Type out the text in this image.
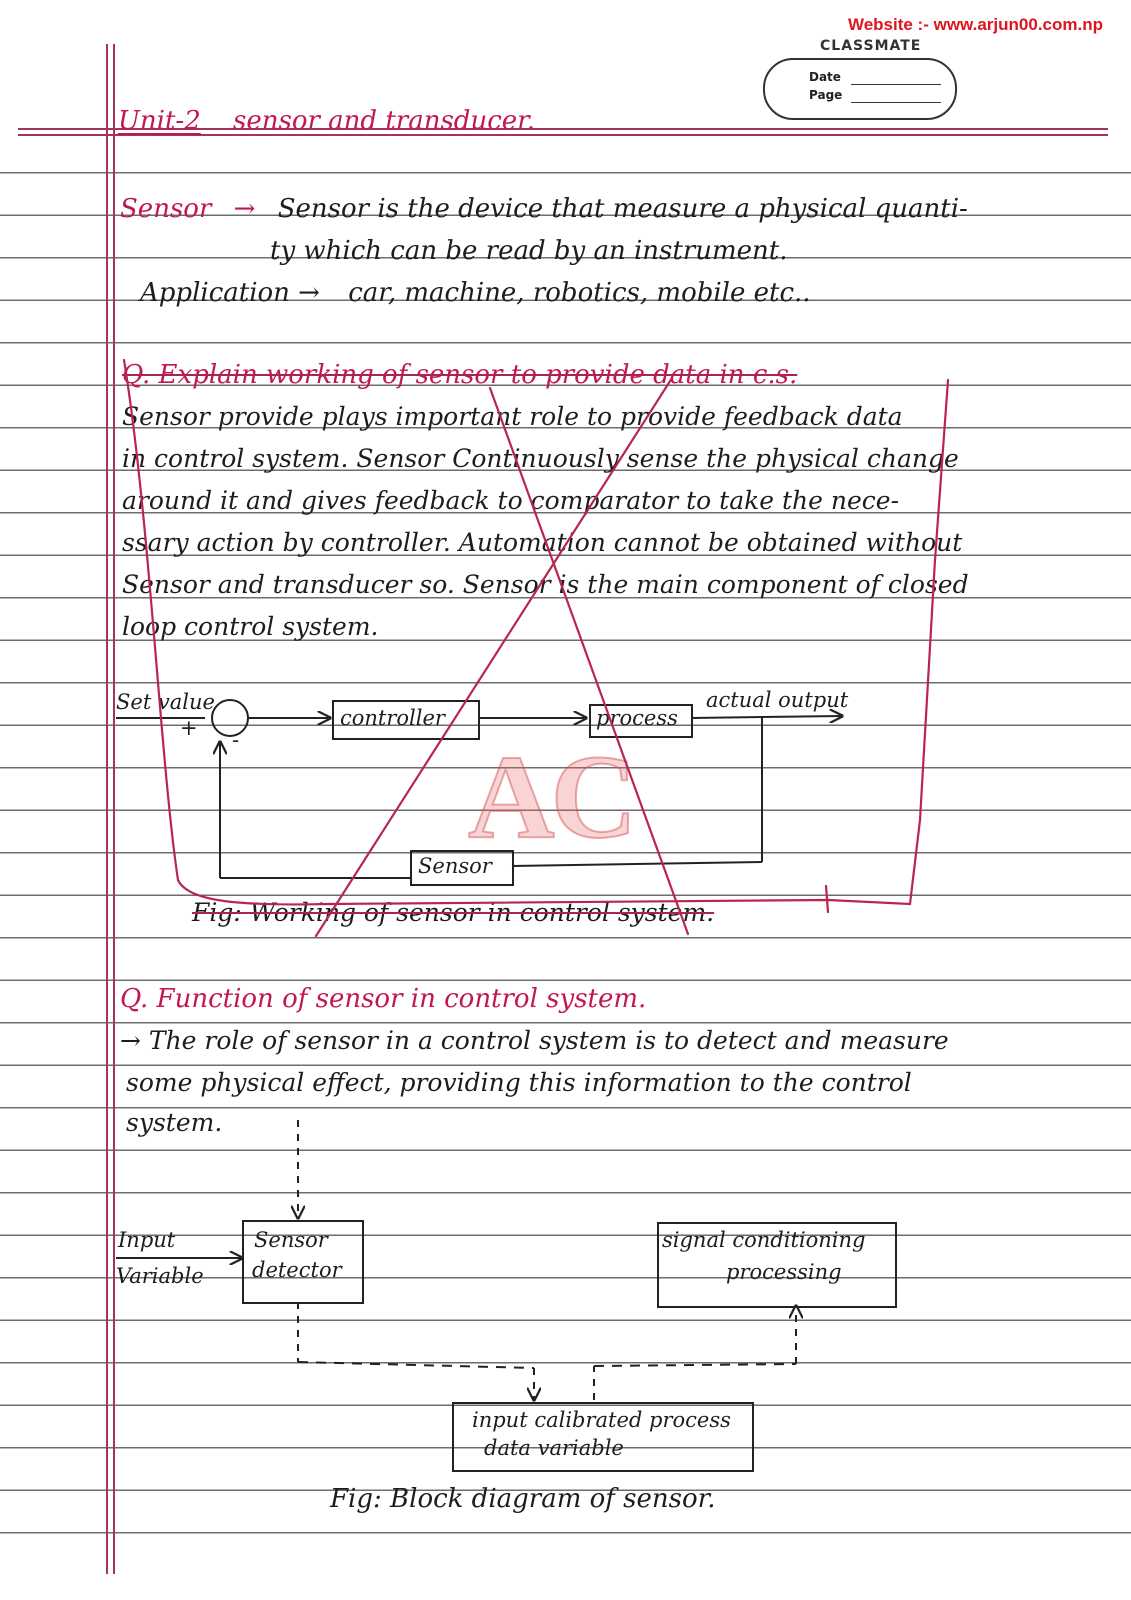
Website :- www.arjun00.com.np
CLASSMATE
Date
Page
Unit-2 sensor and transducer.
Sensor → Sensor is the device that measure a physical quanti-
ty which can be read by an instrument.
Application → car, machine, robotics, mobile etc..
Q. Explain working of sensor to provide data in c.s.
Sensor provide plays important role to provide feedback data
in control system. Sensor Continuously sense the physical change
around it and gives feedback to comparator to take the nece-
ssary action by controller. Automation cannot be obtained without
Sensor and transducer so. Sensor is the main component of closed
loop control system.
AC
Set value
+ -
controller	process
actual output
Sensor
Fig: Working of sensor in control system.
Q. Function of sensor in control system.
→ The role of sensor in a control system is to detect and measure
some physical effect, providing this information to the control
system.
Input
Variable
Sensor
detector
signal conditioning
processing
input calibrated process
data variable
Fig: Block diagram of sensor.
